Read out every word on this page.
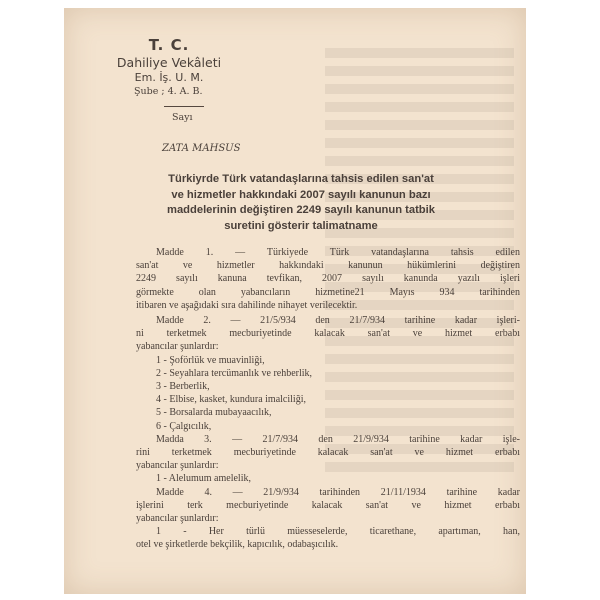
T. C.
Dahiliye Vekâleti
Em. İş. U. M.
Şube ; 4. A. B.
Sayı
ZATA MAHSUS
Türkiyrde Türk vatandaşlarına tahsis edilen san'at
ve hizmetler hakkındaki 2007 sayılı kanunun bazı
maddelerinin değiştiren 2249 sayılı kanunun tatbik
suretini gösterir talimatname

Madde 1. — Türkiyede Türk vatandaşlarına tahsis edilen

san'at ve hizmetler hakkındaki kanunun hükümlerini değiştiren

2249 sayılı kanuna tevfikan, 2007 sayılı kanunda yazılı işleri

görmekte olan yabancıların hizmetine21 Mayıs 934 tarihinden

itibaren ve aşağıdaki sıra dahilinde nihayet verilecektir.

Madde 2. — 21/5/934 den 21/7/934 tarihine kadar işleri-

ni terketmek mecburiyetinde kalacak san'at ve hizmet erbabı

yabancılar şunlardır:

1 - Şoförlük ve muavinliği,

2 - Seyahlara tercümanlık ve rehberlik,

3 - Berberlik,

4 - Elbise, kasket, kundura imalciliği,

5 - Borsalarda mubayaacılık,

6 - Çalgıcılık,

Madda 3. — 21/7/934 den 21/9/934 tarihine kadar işle-

rini terketmek mecburiyetinde kalacak san'at ve hizmet erbabı

yabancılar şunlardır:

1 - Alelumum amelelik,

Madde 4. — 21/9/934 tarihinden 21/11/1934 tarihine kadar

işlerini terk mecburiyetinde kalacak san'at ve hizmet erbabı

yabancılar şunlardır:

1 - Her türlü müesseselerde, ticarethane, apartıman, han,

otel ve şirketlerde bekçilik, kapıcılık, odabaşıcılık.
